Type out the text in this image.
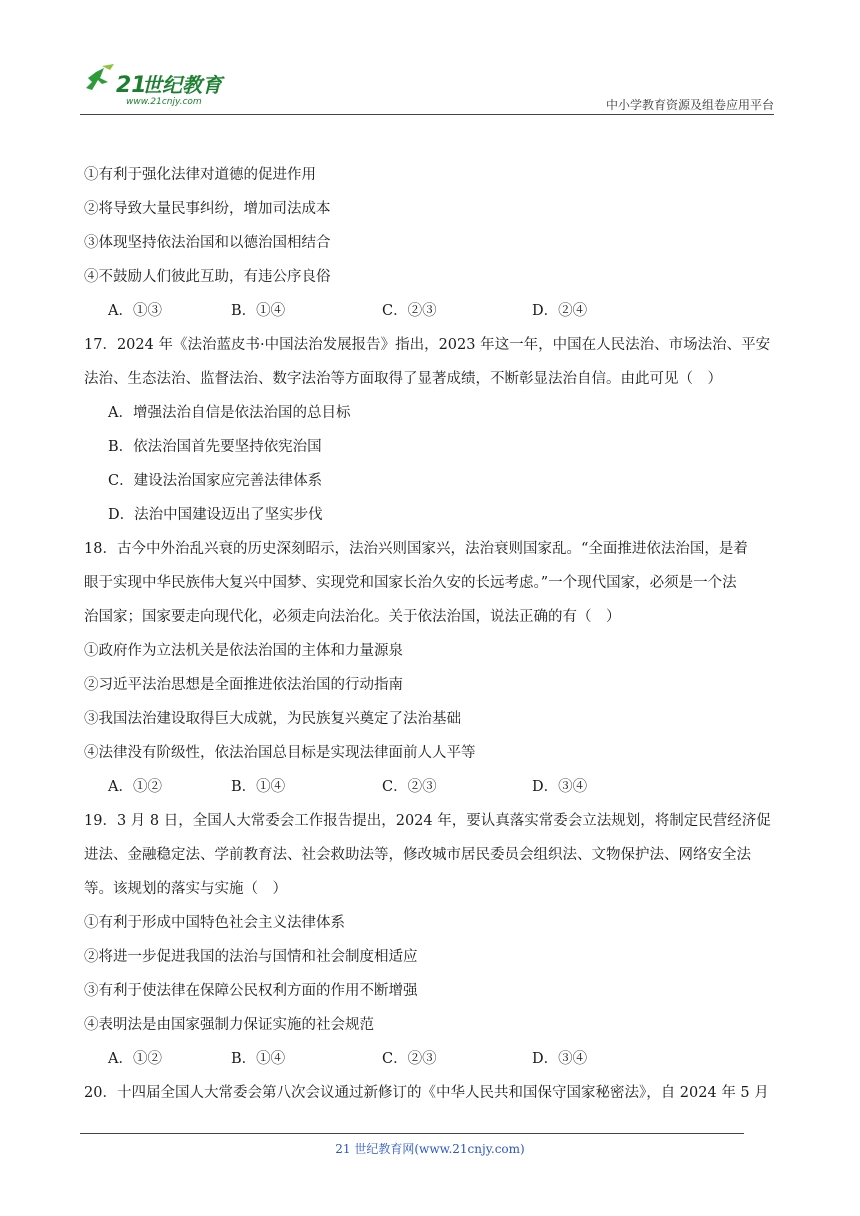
21
世纪教育
www.21cnjy.com	中小学教育资源及组卷应用平台

①有利于强化法律对道德的促进作用

②将导致大量民事纠纷，增加司法成本

③体现坚持依法治国和以德治国相结合

④不鼓励人们彼此互助，有违公序良俗

A．①③	B．①④	C．②③	D．②④

17．2024 年《法治蓝皮书·中国法治发展报告》指出，2023 年这一年，中国在人民法治、市场法治、平安

法治、生态法治、监督法治、数字法治等方面取得了显著成绩，不断彰显法治自信。由此可见（　）

A．增强法治自信是依法治国的总目标

B．依法治国首先要坚持依宪治国

C．建设法治国家应完善法律体系

D．法治中国建设迈出了坚实步伐

18．古今中外治乱兴衰的历史深刻昭示，法治兴则国家兴，法治衰则国家乱。“全面推进依法治国，是着

眼于实现中华民族伟大复兴中国梦、实现党和国家长治久安的长远考虑。”一个现代国家，必须是一个法

治国家；国家要走向现代化，必须走向法治化。关于依法治国，说法正确的有（　）

①政府作为立法机关是依法治国的主体和力量源泉

②习近平法治思想是全面推进依法治国的行动指南

③我国法治建设取得巨大成就，为民族复兴奠定了法治基础

④法律没有阶级性，依法治国总目标是实现法律面前人人平等

A．①②	B．①④	C．②③	D．③④

19．3 月 8 日，全国人大常委会工作报告提出，2024 年，要认真落实常委会立法规划，将制定民营经济促

进法、金融稳定法、学前教育法、社会救助法等，修改城市居民委员会组织法、文物保护法、网络安全法

等。该规划的落实与实施（　）

①有利于形成中国特色社会主义法律体系

②将进一步促进我国的法治与国情和社会制度相适应

③有利于使法律在保障公民权利方面的作用不断增强

④表明法是由国家强制力保证实施的社会规范

A．①②	B．①④	C．②③	D．③④

20．十四届全国人大常委会第八次会议通过新修订的《中华人民共和国保守国家秘密法》，自 2024 年 5 月

21 世纪教育网(www.21cnjy.com)
